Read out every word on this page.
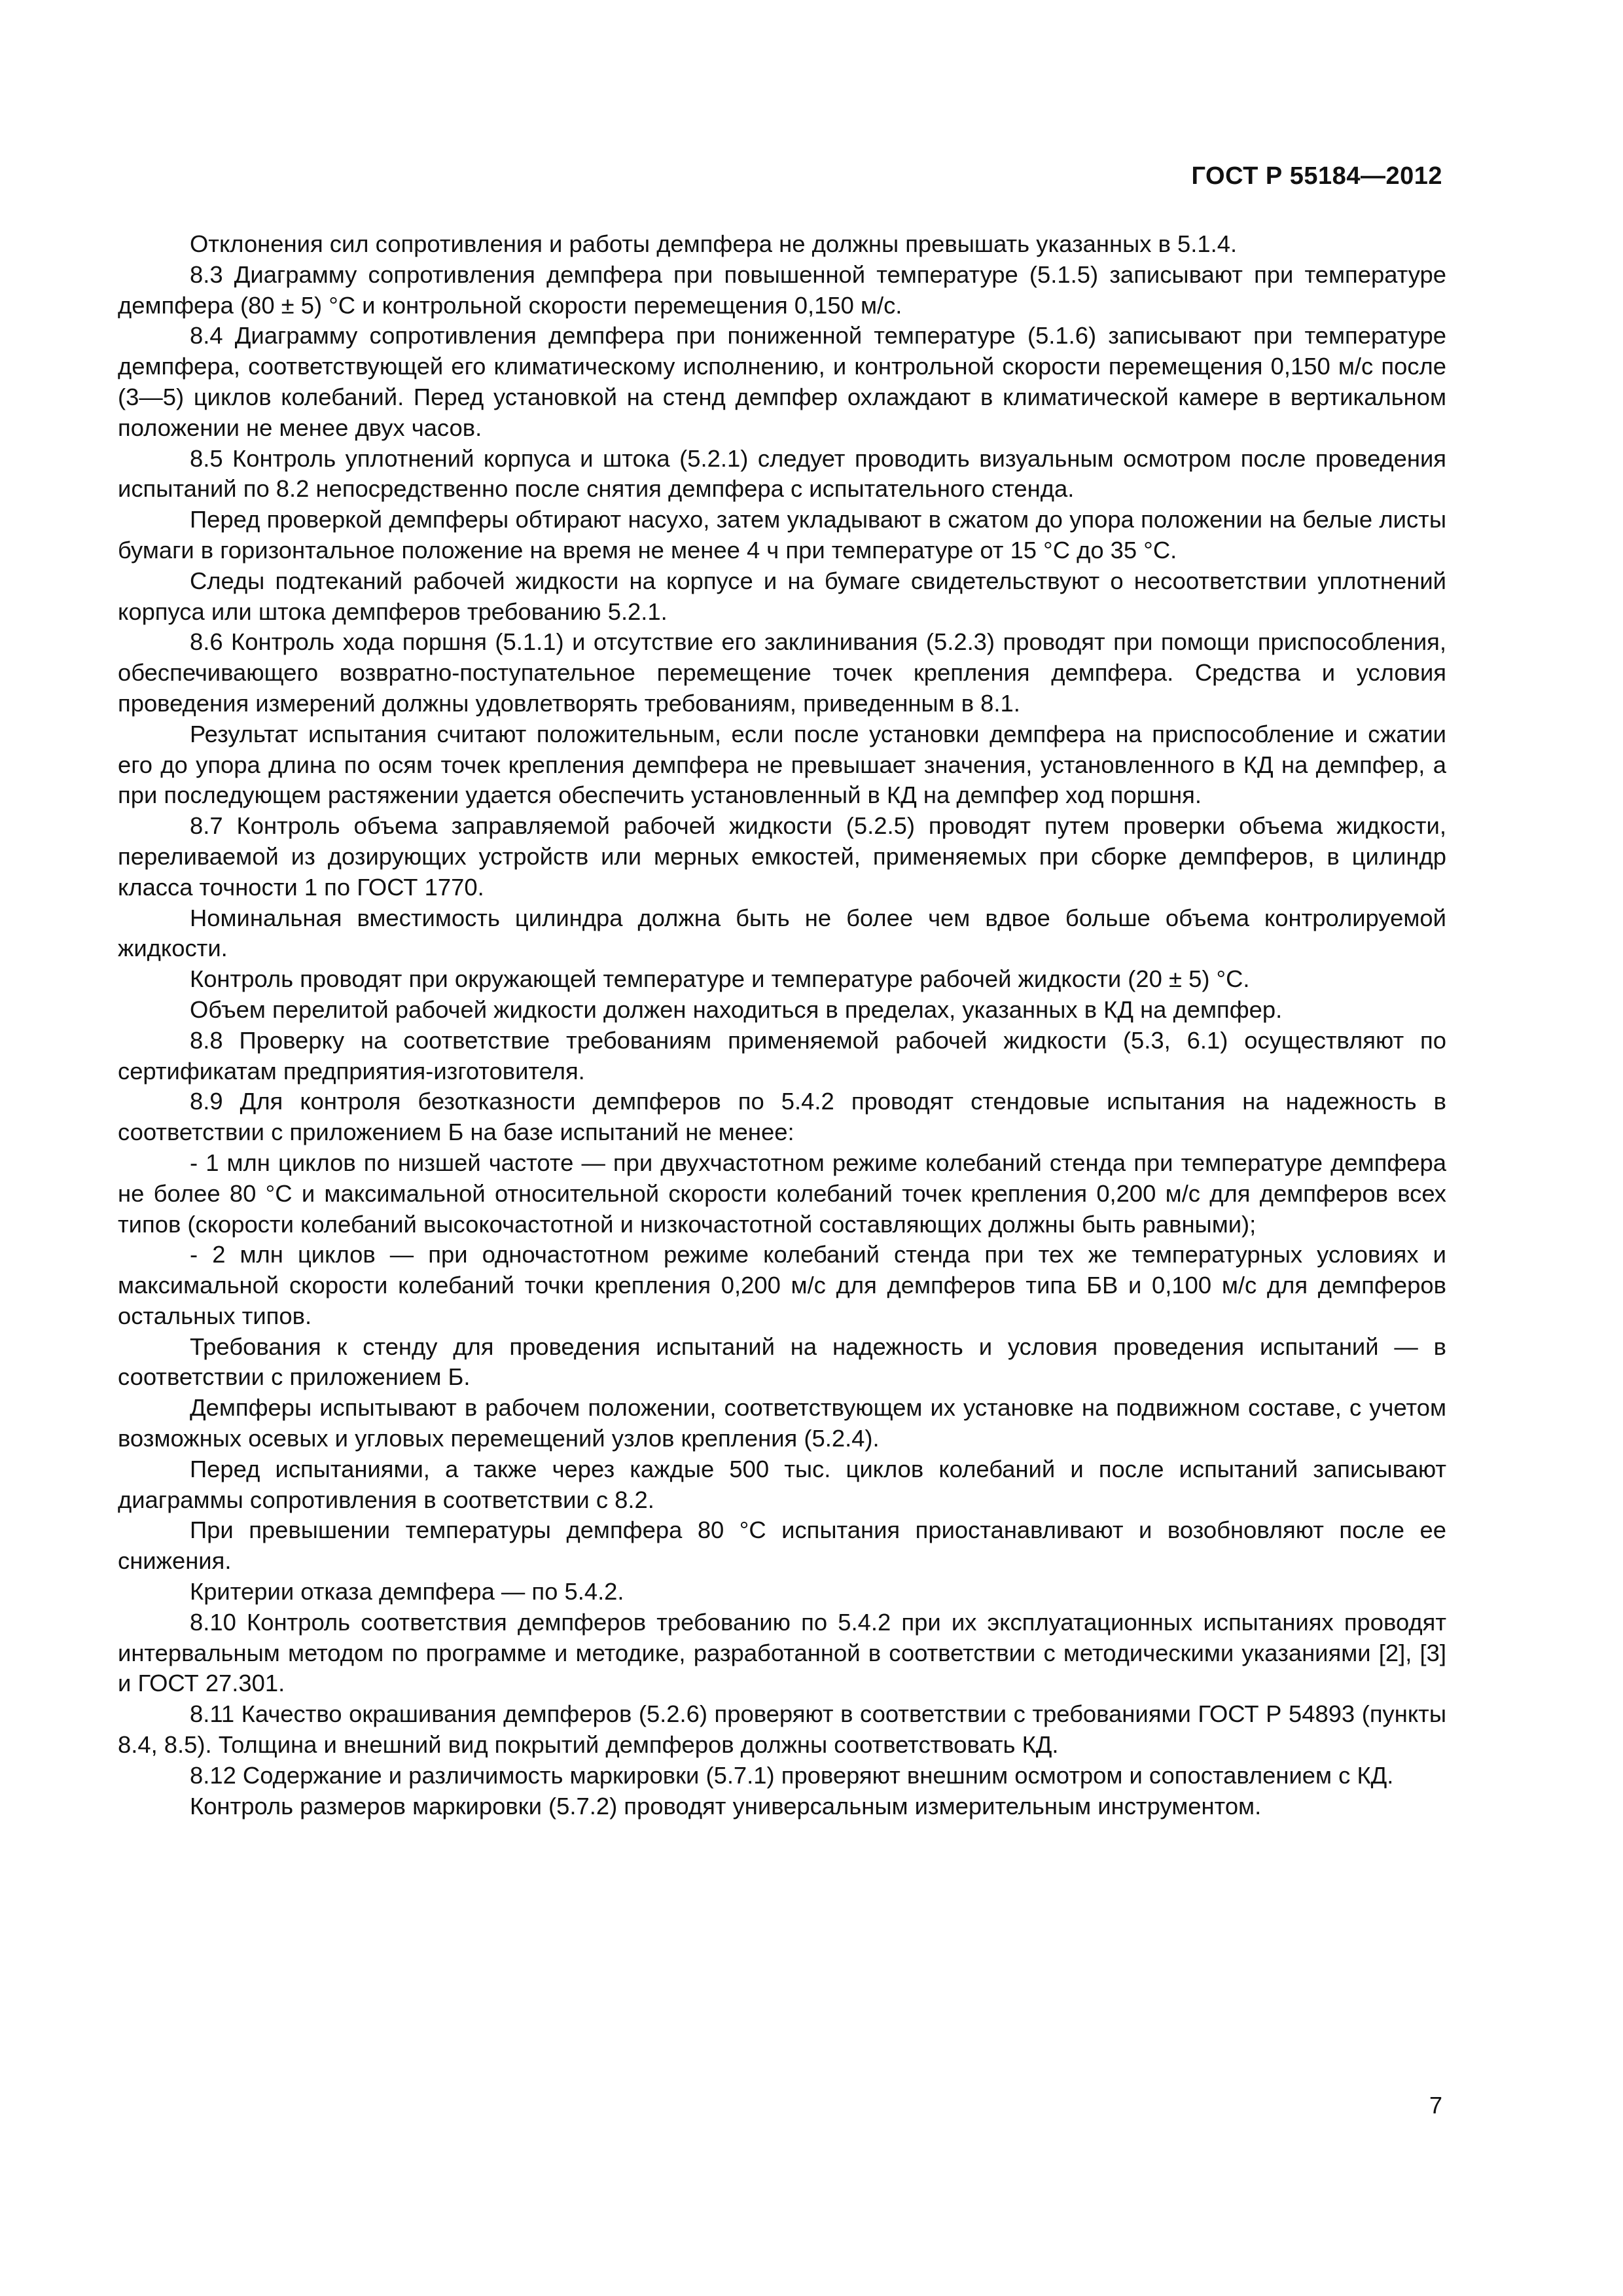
ГОСТ Р 55184—2012

Отклонения сил сопротивления и работы демпфера не должны превышать указанных в 5.1.4.

8.3 Диаграмму сопротивления демпфера при повышенной температуре (5.1.5) записывают при температуре демпфера (80 ± 5) °С и контрольной скорости перемещения 0,150 м/с.

8.4 Диаграмму сопротивления демпфера при пониженной температуре (5.1.6) записывают при температуре демпфера, соответствующей его климатическому исполнению, и контрольной скорости перемещения 0,150 м/с после (3—5) циклов колебаний. Перед установкой на стенд демпфер охлаждают в климатической камере в вертикальном положении не менее двух часов.

8.5 Контроль уплотнений корпуса и штока (5.2.1) следует проводить визуальным осмотром после проведения испытаний по 8.2 непосредственно после снятия демпфера с испытательного стенда.

Перед проверкой демпферы обтирают насухо, затем укладывают в сжатом до упора положении на белые листы бумаги в горизонтальное положение на время не менее 4 ч при температуре от 15 °С до 35 °С.

Следы подтеканий рабочей жидкости на корпусе и на бумаге свидетельствуют о несоответствии уплотнений корпуса или штока демпферов требованию 5.2.1.

8.6 Контроль хода поршня (5.1.1) и отсутствие его заклинивания (5.2.3) проводят при помощи приспособления, обеспечивающего возвратно-поступательное перемещение точек крепления демпфера. Средства и условия проведения измерений должны удовлетворять требованиям, приведенным в 8.1.

Результат испытания считают положительным, если после установки демпфера на приспособление и сжатии его до упора длина по осям точек крепления демпфера не превышает значения, установленного в КД на демпфер, а при последующем растяжении удается обеспечить установленный в КД на демпфер ход поршня.

8.7 Контроль объема заправляемой рабочей жидкости (5.2.5) проводят путем проверки объема жидкости, переливаемой из дозирующих устройств или мерных емкостей, применяемых при сборке демпферов, в цилиндр класса точности 1 по ГОСТ 1770.

Номинальная вместимость цилиндра должна быть не более чем вдвое больше объема контролируемой жидкости.

Контроль проводят при окружающей температуре и температуре рабочей жидкости (20 ± 5) °С.

Объем перелитой рабочей жидкости должен находиться в пределах, указанных в КД на демпфер.

8.8 Проверку на соответствие требованиям применяемой рабочей жидкости (5.3, 6.1) осуществляют по сертификатам предприятия-изготовителя.

8.9 Для контроля безотказности демпферов по 5.4.2 проводят стендовые испытания на надежность в соответствии с приложением Б на базе испытаний не менее:

- 1 млн циклов по низшей частоте — при двухчастотном режиме колебаний стенда при температуре демпфера не более 80 °С и максимальной относительной скорости колебаний точек крепления 0,200 м/с для демпферов всех типов (скорости колебаний высокочастотной и низкочастотной составляющих должны быть равными);

- 2 млн циклов — при одночастотном режиме колебаний стенда при тех же температурных условиях и максимальной скорости колебаний точки крепления 0,200 м/с для демпферов типа БВ и 0,100 м/с для демпферов остальных типов.

Требования к стенду для проведения испытаний на надежность и условия проведения испытаний — в соответствии с приложением Б.

Демпферы испытывают в рабочем положении, соответствующем их установке на подвижном составе, с учетом возможных осевых и угловых перемещений узлов крепления (5.2.4).

Перед испытаниями, а также через каждые 500 тыс. циклов колебаний и после испытаний записывают диаграммы сопротивления в соответствии с 8.2.

При превышении температуры демпфера 80 °С испытания приостанавливают и возобновляют после ее снижения.

Критерии отказа демпфера — по 5.4.2.

8.10 Контроль соответствия демпферов требованию по 5.4.2 при их эксплуатационных испытаниях проводят интервальным методом по программе и методике, разработанной в соответствии с методическими указаниями [2], [3] и ГОСТ 27.301.

8.11 Качество окрашивания демпферов (5.2.6) проверяют в соответствии с требованиями ГОСТ Р 54893 (пункты 8.4, 8.5). Толщина и внешний вид покрытий демпферов должны соответствовать КД.

8.12 Содержание и различимость маркировки (5.7.1) проверяют внешним осмотром и сопоставлением с КД.

Контроль размеров маркировки (5.7.2) проводят универсальным измерительным инструментом.

7
